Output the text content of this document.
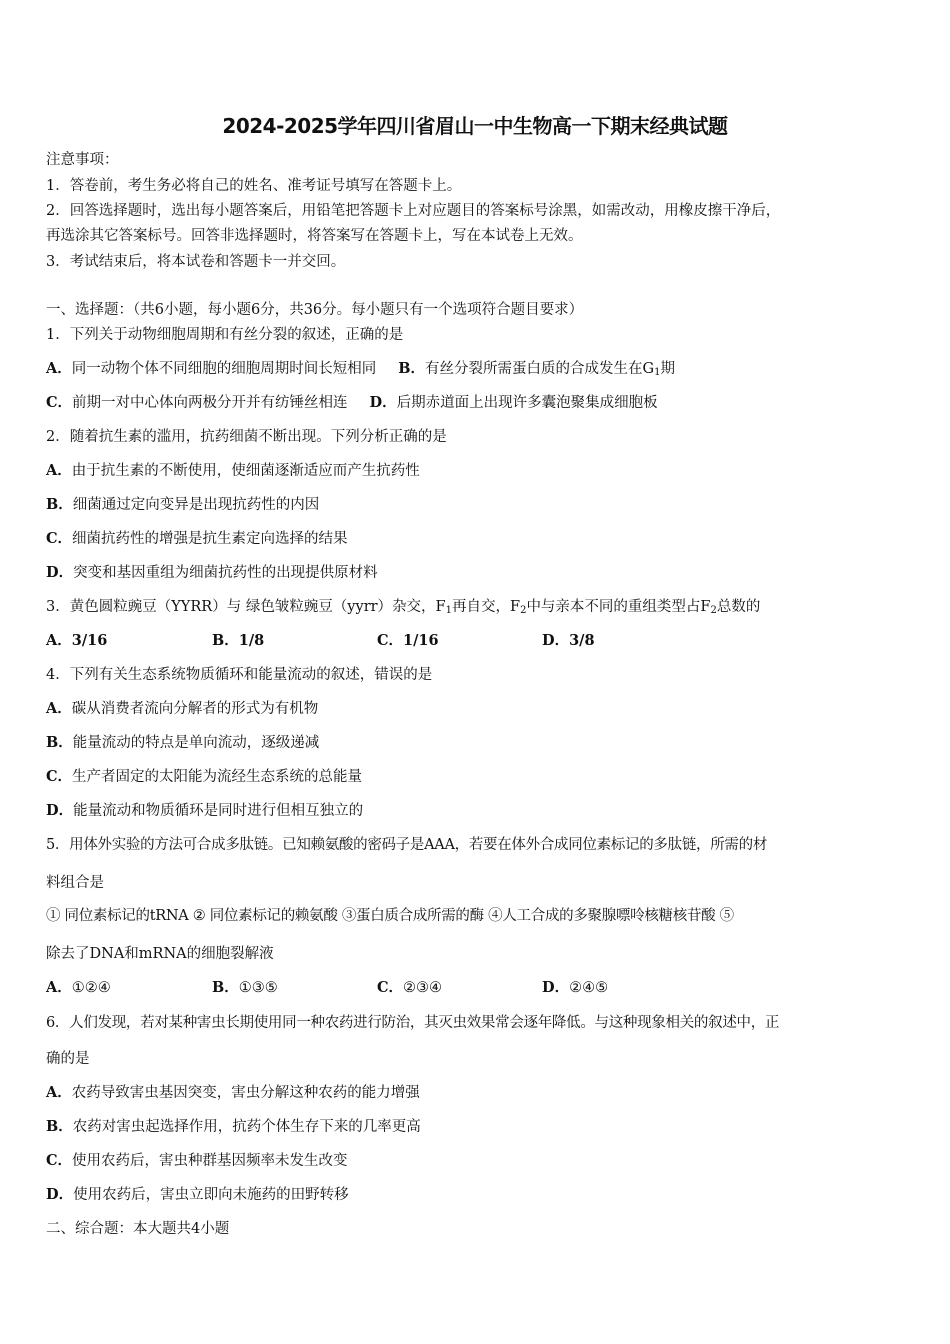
2024-2025学年四川省眉山一中生物高一下期末经典试题
注意事项：
1．答卷前，考生务必将自己的姓名、准考证号填写在答题卡上。
2．回答选择题时，选出每小题答案后，用铅笔把答题卡上对应题目的答案标号涂黑，如需改动，用橡皮擦干净后，
再选涂其它答案标号。回答非选择题时，将答案写在答题卡上，写在本试卷上无效。
3．考试结束后，将本试卷和答题卡一并交回。
一、选择题：（共6小题，每小题6分，共36分。每小题只有一个选项符合题目要求）
1．下列关于动物细胞周期和有丝分裂的叙述，正确的是
A．同一动物个体不同细胞的细胞周期时间长短相同 B．有丝分裂所需蛋白质的合成发生在$G_1$期
C．前期一对中心体向两极分开并有纺锤丝相连 D．后期赤道面上出现许多囊泡聚集成细胞板
2．随着抗生素的滥用，抗药细菌不断出现。下列分析正确的是
A．由于抗生素的不断使用，使细菌逐渐适应而产生抗药性
B．细菌通过定向变异是出现抗药性的内因
C．细菌抗药性的增强是抗生素定向选择的结果
D．突变和基因重组为细菌抗药性的出现提供原材料
3．黄色圆粒豌豆（YYRR）与 绿色皱粒豌豆（yyrr）杂交，$F_1$再自交，$F_2$中与亲本不同的重组类型占$F_2$总数的
A．3/16	B．1/8	C．1/16	D．3/8
4．下列有关生态系统物质循环和能量流动的叙述，错误的是
A．碳从消费者流向分解者的形式为有机物
B．能量流动的特点是单向流动，逐级递减
C．生产者固定的太阳能为流经生态系统的总能量
D．能量流动和物质循环是同时进行但相互独立的
5．用体外实验的方法可合成多肽链。已知赖氨酸的密码子是AAA，若要在体外合成同位素标记的多肽链，所需的材
料组合是
① 同位素标记的tRNA ② 同位素标记的赖氨酸 ③蛋白质合成所需的酶 ④人工合成的多聚腺嘌呤核糖核苷酸 ⑤
除去了DNA和mRNA的细胞裂解液
A．①②④	B．①③⑤	C．②③④	D．②④⑤
6．人们发现，若对某种害虫长期使用同一种农药进行防治，其灭虫效果常会逐年降低。与这种现象相关的叙述中，正
确的是
A．农药导致害虫基因突变，害虫分解这种农药的能力增强
B．农药对害虫起选择作用，抗药个体生存下来的几率更高
C．使用农药后，害虫种群基因频率未发生改变
D．使用农药后，害虫立即向未施药的田野转移
二、综合题：本大题共4小题
